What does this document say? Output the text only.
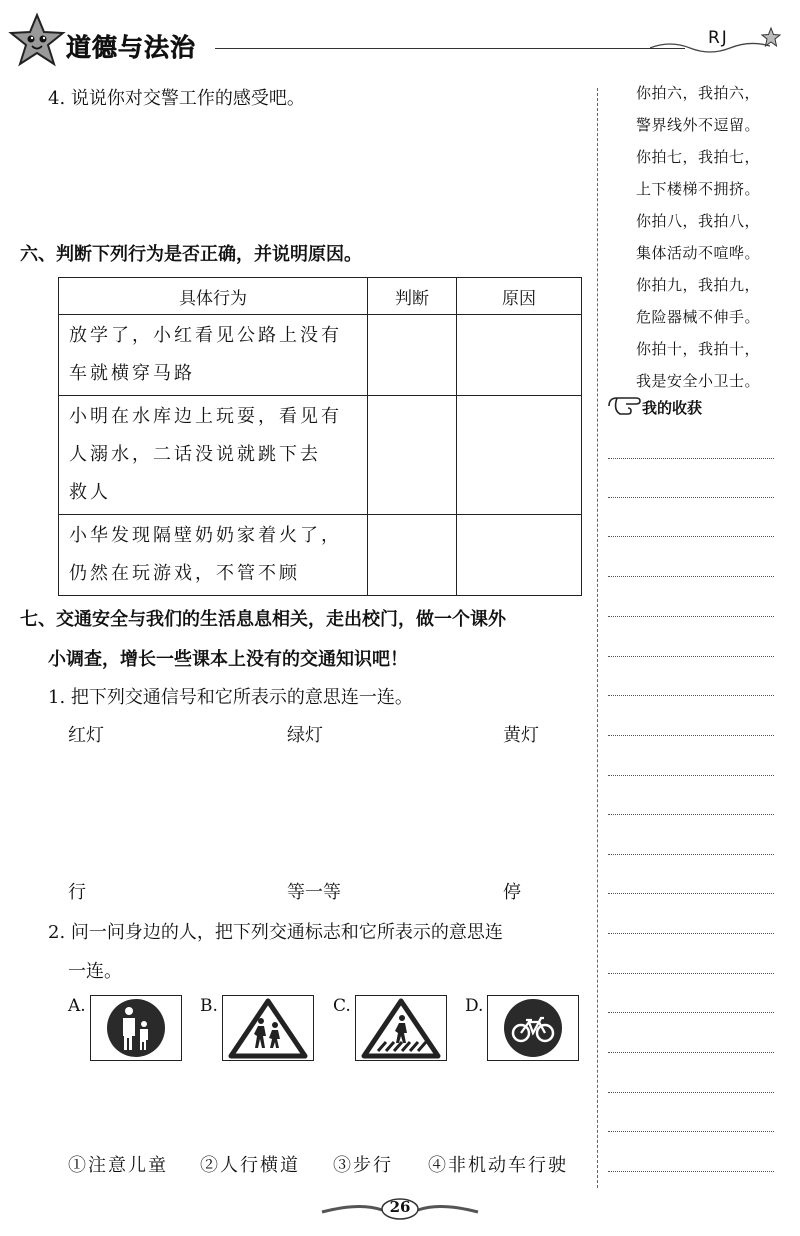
道德与法治	RJ
你拍六，我拍六，
警界线外不逗留。
你拍七，我拍七，
上下楼梯不拥挤。
你拍八，我拍八，
集体活动不喧哗。
你拍九，我拍九，
危险器械不伸手。
你拍十，我拍十，
我是安全小卫士。
我的收获
4. 说说你对交警工作的感受吧。
六、判断下列行为是否正确，并说明原因。
具体行为	判断	原因

放学了，小红看见公路上没有
车就横穿马路		

小明在水库边上玩耍，看见有
人溺水，二话没说就跳下去
救人		

小华发现隔壁奶奶家着火了，
仍然在玩游戏，不管不顾		

七、交通安全与我们的生活息息相关，走出校门，做一个课外
小调查，增长一些课本上没有的交通知识吧！
1. 把下列交通信号和它所表示的意思连一连。
红灯	绿灯	黄灯
行	等一等	停
2. 问一问身边的人，把下列交通标志和它所表示的意思连
一连。
A.	B.	C.	D.
①注意儿童 ②人行横道 ③步行 ④非机动车行驶
26
